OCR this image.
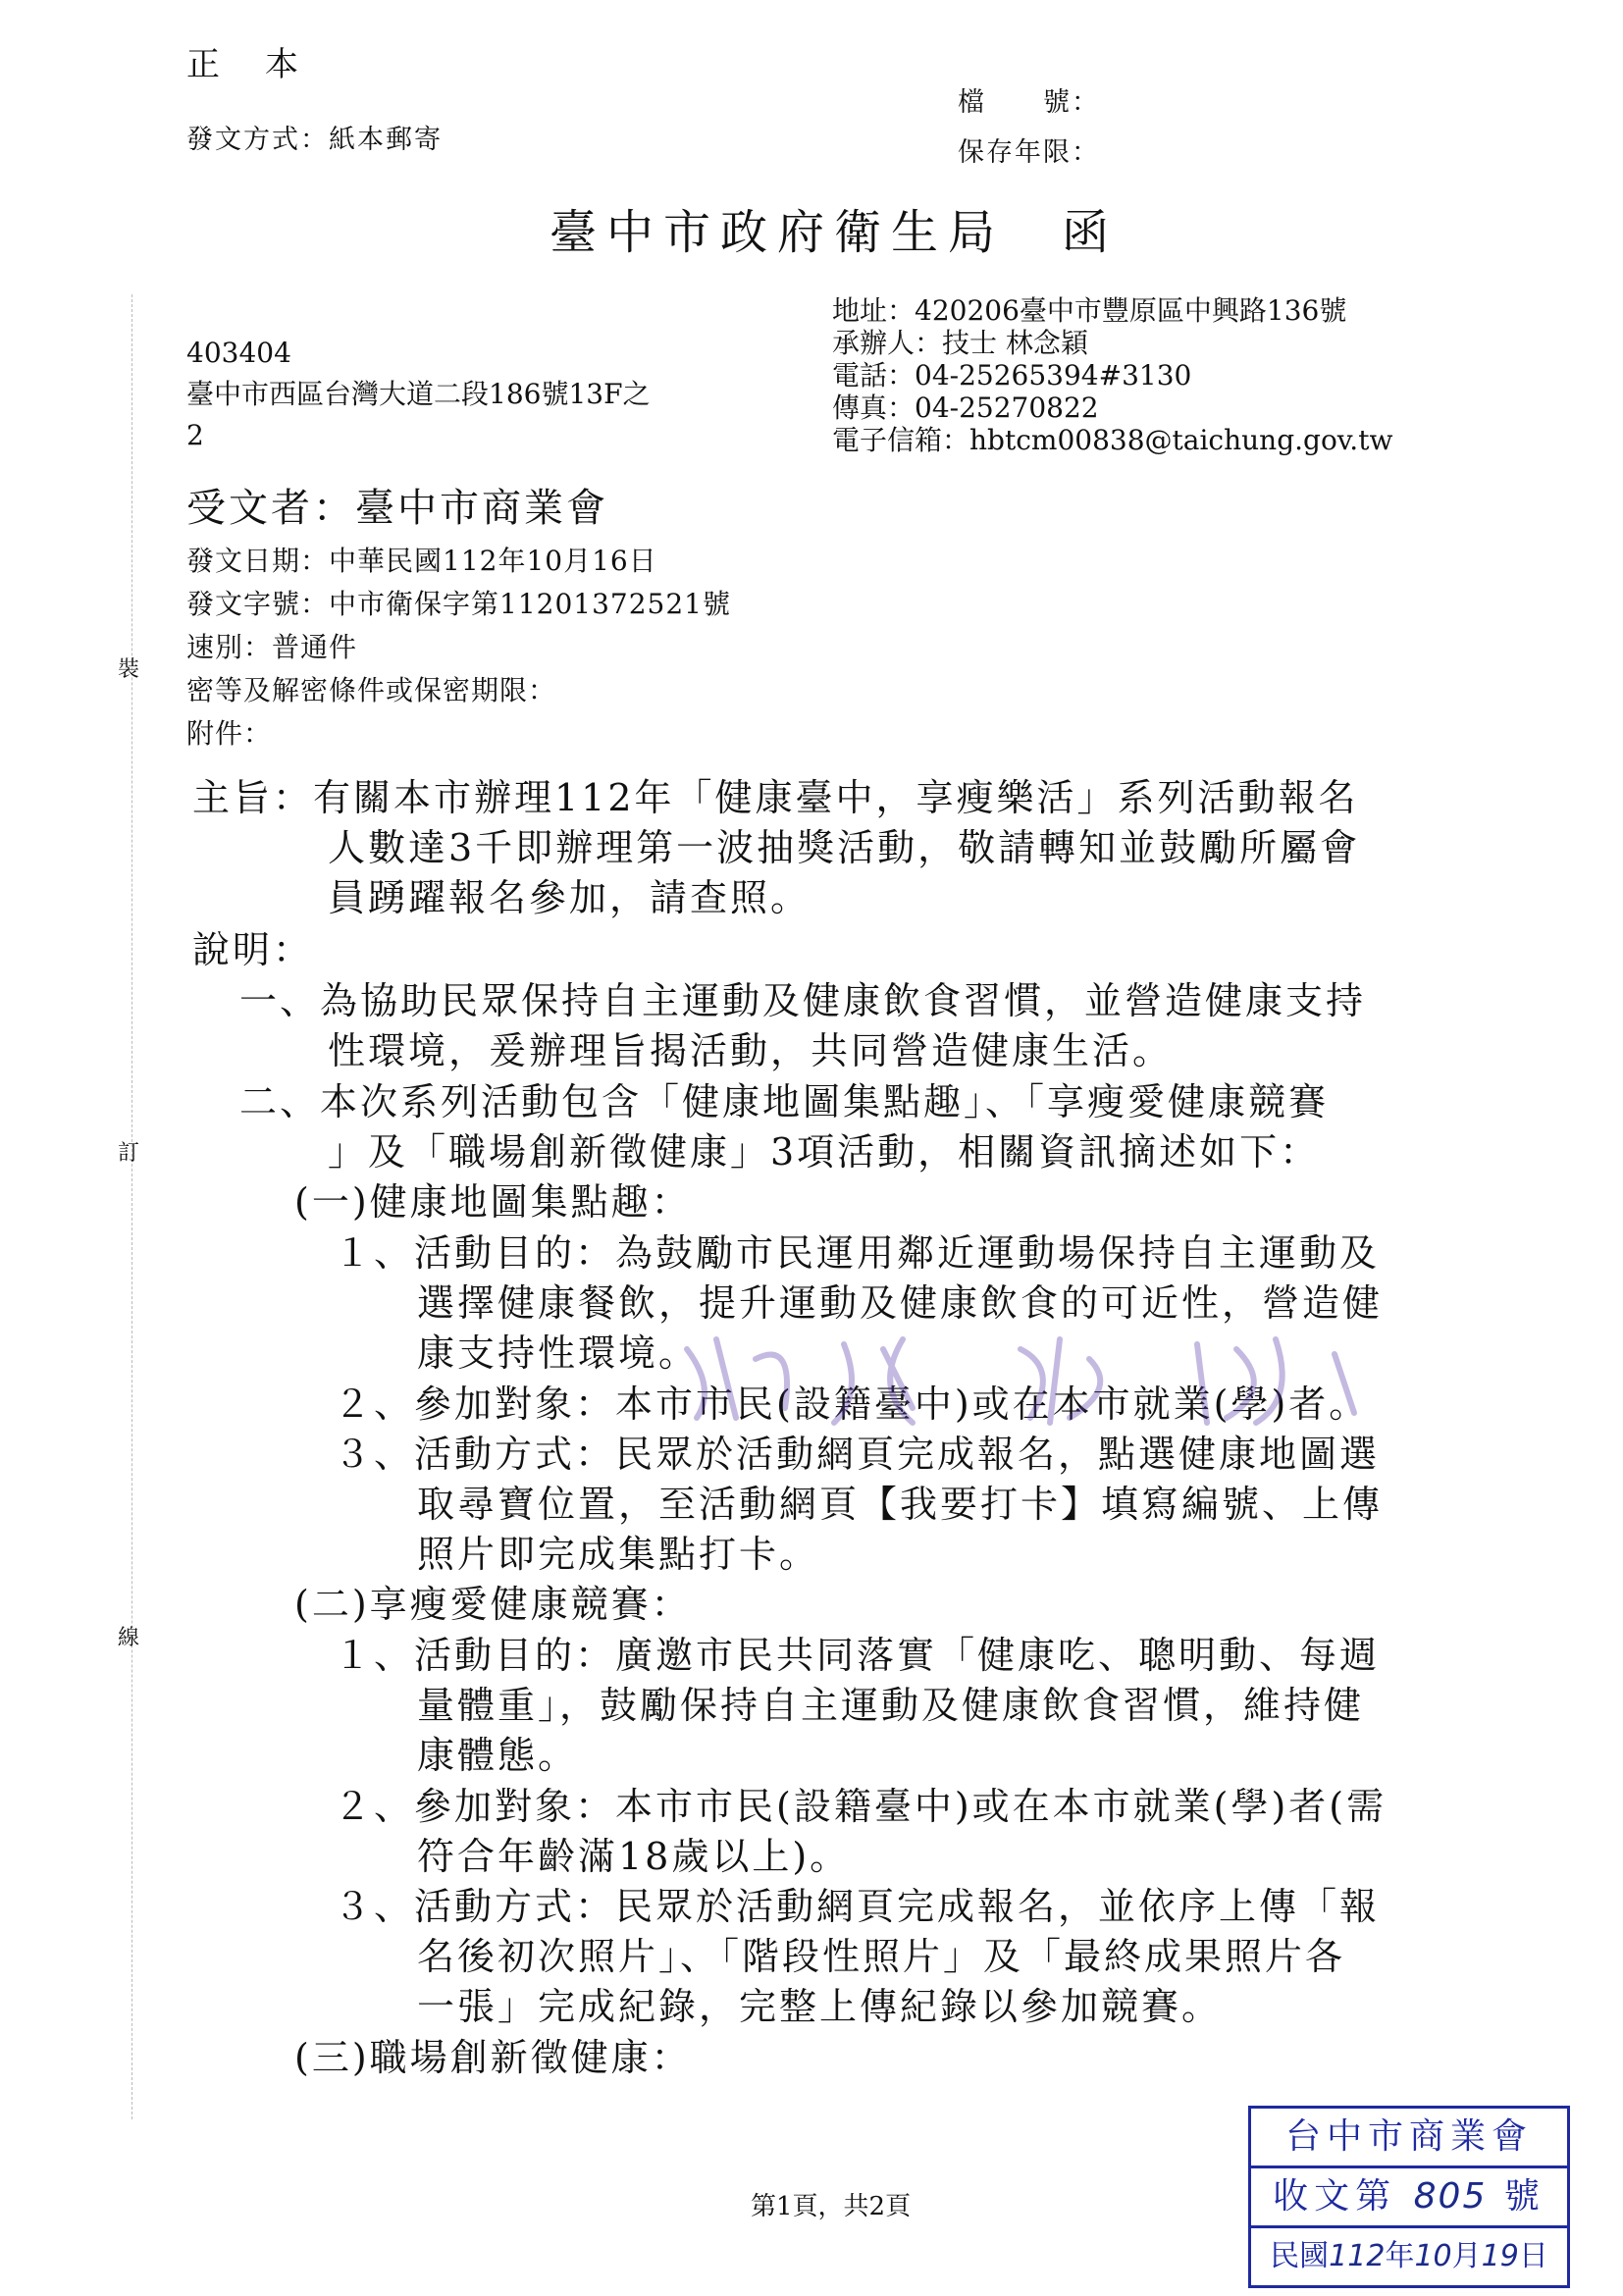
正　本
發文方式：紙本郵寄
檔　　號：
保存年限：
臺中市政府衛生局　函
403404
臺中市西區台灣大道二段186號13F之
2
地址：420206臺中市豐原區中興路136號
承辦人：技士 林念穎
電話：04-25265394#3130
傳真：04-25270822
電子信箱：hbtcm00838@taichung.gov.tw
受文者：臺中市商業會
發文日期：中華民國112年10月16日
發文字號：中市衛保字第11201372521號
速別：普通件
密等及解密條件或保密期限：
附件：
裝
訂
線
主旨：有關本市辦理112年「健康臺中，享瘦樂活」系列活動報名
人數達3千即辦理第一波抽獎活動，敬請轉知並鼓勵所屬會
員踴躍報名參加，請查照。
說明：
一、為協助民眾保持自主運動及健康飲食習慣，並營造健康支持
性環境，爰辦理旨揭活動，共同營造健康生活。
二、本次系列活動包含「健康地圖集點趣」、「享瘦愛健康競賽
」及「職場創新徵健康」3項活動，相關資訊摘述如下：
(一)健康地圖集點趣：
１、活動目的：為鼓勵市民運用鄰近運動場保持自主運動及
選擇健康餐飲，提升運動及健康飲食的可近性，營造健
康支持性環境。
２、參加對象：本市市民(設籍臺中)或在本市就業(學)者。
３、活動方式：民眾於活動網頁完成報名，點選健康地圖選
取尋寶位置，至活動網頁【我要打卡】填寫編號、上傳
照片即完成集點打卡。
(二)享瘦愛健康競賽：
１、活動目的：廣邀市民共同落實「健康吃、聰明動、每週
量體重」，鼓勵保持自主運動及健康飲食習慣，維持健
康體態。
２、參加對象：本市市民(設籍臺中)或在本市就業(學)者(需
符合年齡滿18歲以上)。
３、活動方式：民眾於活動網頁完成報名，並依序上傳「報
名後初次照片」、「階段性照片」及「最終成果照片各
一張」完成紀錄，完整上傳紀錄以參加競賽。
(三)職場創新徵健康：
第1頁，共2頁
台中市商業會
收文第 805 號
民國112年10月19日
